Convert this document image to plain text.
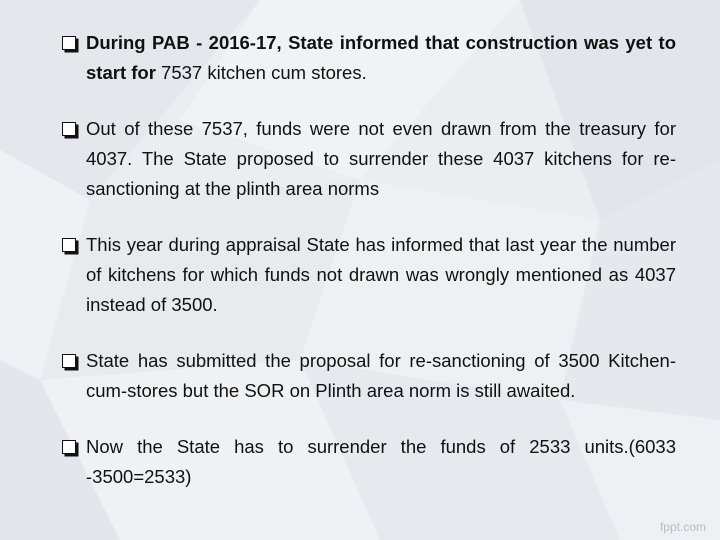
During PAB - 2016-17, State informed that construction was yet to start for 7537 kitchen cum stores.
Out of these 7537, funds were not even drawn from the treasury for 4037. The State proposed to surrender these 4037 kitchens for re-sanctioning at the plinth area norms
This year during appraisal State has informed that last year the number of kitchens for which funds not drawn was wrongly mentioned as 4037 instead of 3500.
State has submitted the proposal for re-sanctioning of 3500 Kitchen-cum-stores but the SOR on Plinth area norm is still awaited.
Now the State has to surrender the funds of 2533 units.(6033 -3500=2533)
fppt.com
